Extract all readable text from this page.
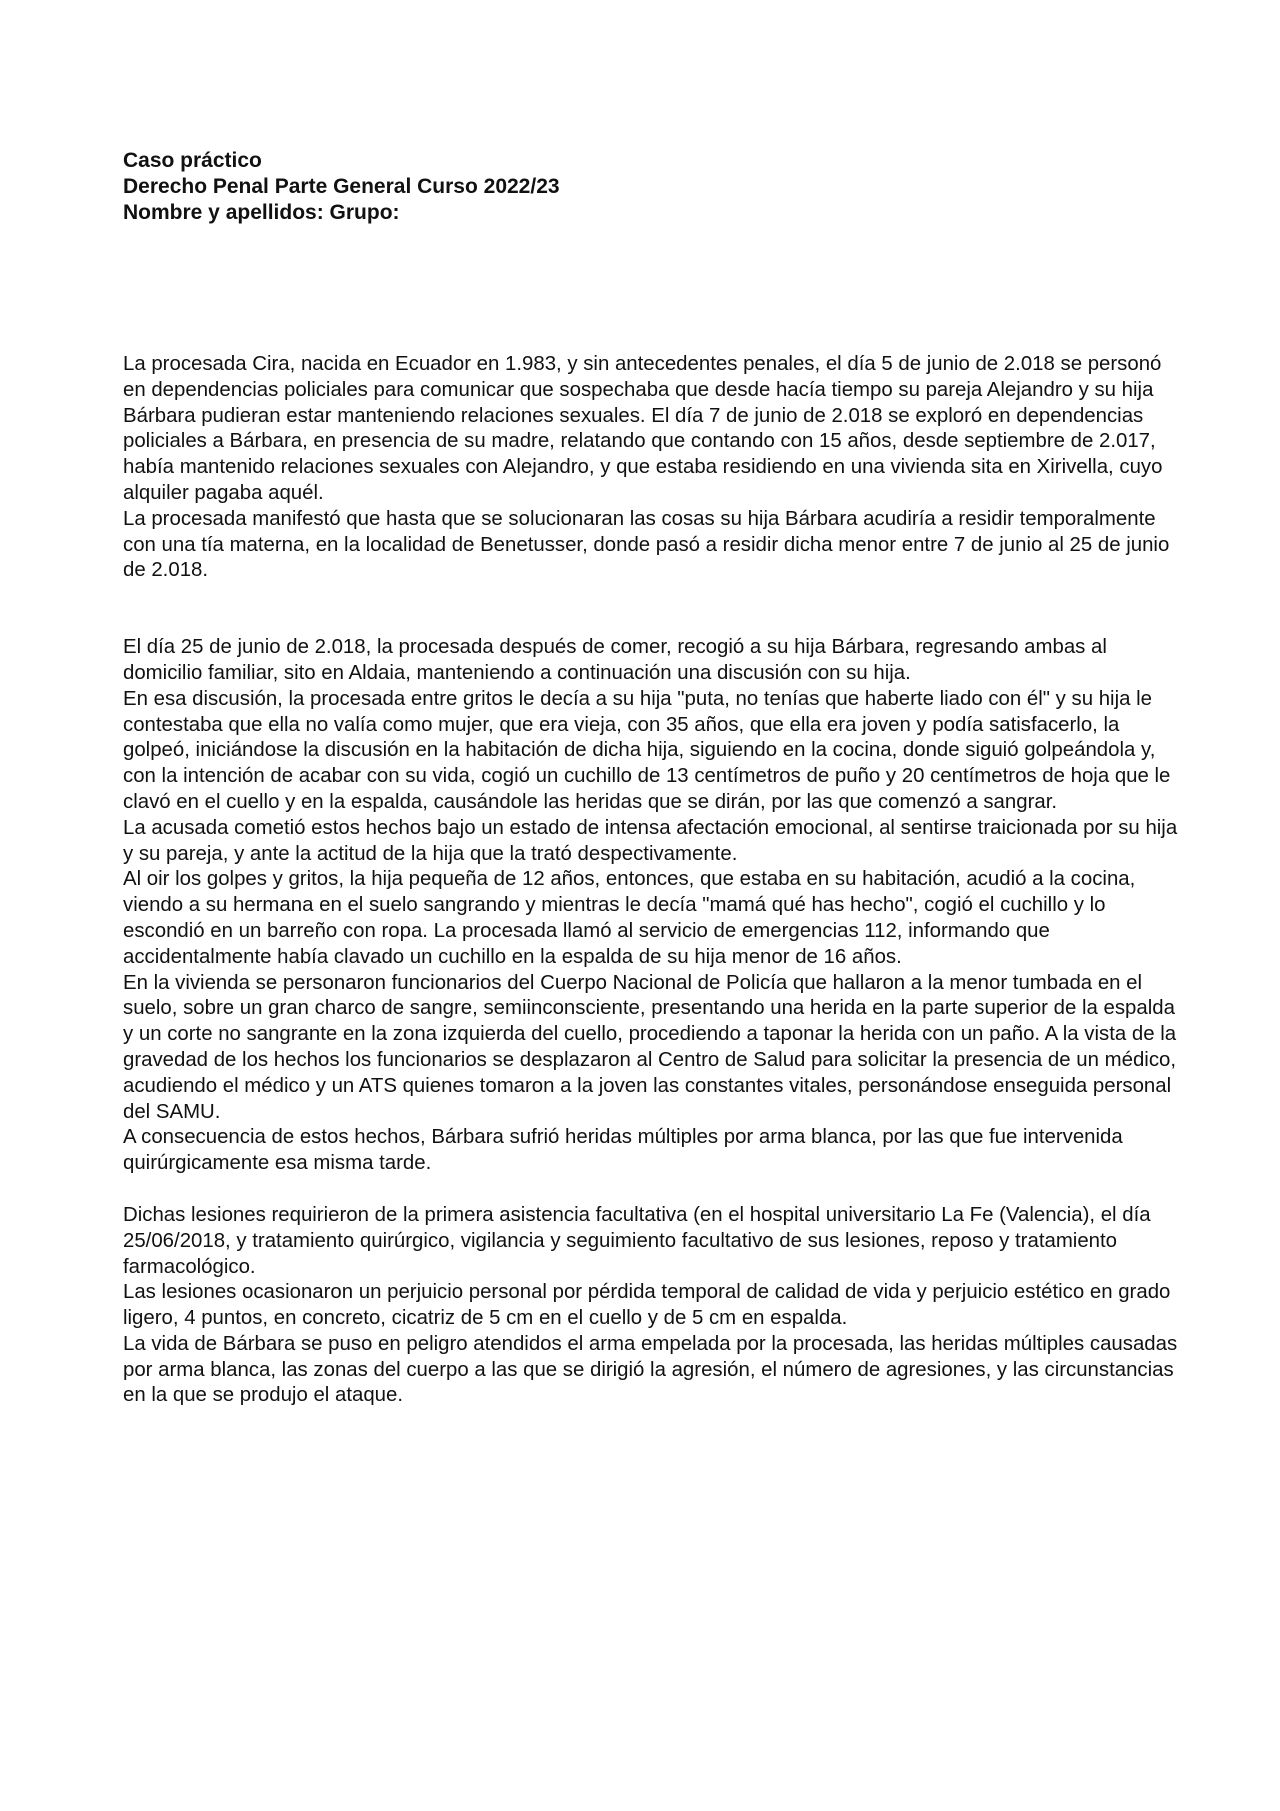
Caso práctico
Derecho Penal Parte General Curso 2022/23
Nombre y apellidos: Grupo:

La procesada Cira, nacida en Ecuador en 1.983, y sin antecedentes penales, el día 5 de junio de 2.018 se personó en dependencias policiales para comunicar que sospechaba que desde hacía tiempo su pareja Alejandro y su hija Bárbara pudieran estar manteniendo relaciones sexuales. El día 7 de junio de 2.018 se exploró en dependencias policiales a Bárbara, en presencia de su madre, relatando que contando con 15 años, desde septiembre de 2.017, había mantenido relaciones sexuales con Alejandro, y que estaba residiendo en una vivienda sita en Xirivella, cuyo alquiler pagaba aquél.

La procesada manifestó que hasta que se solucionaran las cosas su hija Bárbara acudiría a residir temporalmente con una tía materna, en la localidad de Benetusser, donde pasó a residir dicha menor entre 7 de junio al 25 de junio de 2.018.

El día 25 de junio de 2.018, la procesada después de comer, recogió a su hija Bárbara, regresando ambas al domicilio familiar, sito en Aldaia, manteniendo a continuación una discusión con su hija.

En esa discusión, la procesada entre gritos le decía a su hija "puta, no tenías que haberte liado con él" y su hija le contestaba que ella no valía como mujer, que era vieja, con 35 años, que ella era joven y podía satisfacerlo, la golpeó, iniciándose la discusión en la habitación de dicha hija, siguiendo en la cocina, donde siguió golpeándola y, con la intención de acabar con su vida, cogió un cuchillo de 13 centímetros de puño y 20 centímetros de hoja que le clavó en el cuello y en la espalda, causándole las heridas que se dirán, por las que comenzó a sangrar.

La acusada cometió estos hechos bajo un estado de intensa afectación emocional, al sentirse traicionada por su hija y su pareja, y ante la actitud de la hija que la trató despectivamente.

Al oir los golpes y gritos, la hija pequeña de 12 años, entonces, que estaba en su habitación, acudió a la cocina, viendo a su hermana en el suelo sangrando y mientras le decía "mamá qué has hecho", cogió el cuchillo y lo escondió en un barreño con ropa. La procesada llamó al servicio de emergencias 112, informando que accidentalmente había clavado un cuchillo en la espalda de su hija menor de 16 años.

En la vivienda se personaron funcionarios del Cuerpo Nacional de Policía que hallaron a la menor tumbada en el suelo, sobre un gran charco de sangre, semiinconsciente, presentando una herida en la parte superior de la espalda y un corte no sangrante en la zona izquierda del cuello, procediendo a taponar la herida con un paño. A la vista de la gravedad de los hechos los funcionarios se desplazaron al Centro de Salud para solicitar la presencia de un médico, acudiendo el médico y un ATS quienes tomaron a la joven las constantes vitales, personándose enseguida personal del SAMU.

A consecuencia de estos hechos, Bárbara sufrió heridas múltiples por arma blanca, por las que fue intervenida quirúrgicamente esa misma tarde.

Dichas lesiones requirieron de la primera asistencia facultativa (en el hospital universitario La Fe (Valencia), el día 25/06/2018, y tratamiento quirúrgico, vigilancia y seguimiento facultativo de sus lesiones, reposo y tratamiento farmacológico.

Las lesiones ocasionaron un perjuicio personal por pérdida temporal de calidad de vida y perjuicio estético en grado ligero, 4 puntos, en concreto, cicatriz de 5 cm en el cuello y de 5 cm en espalda.

La vida de Bárbara se puso en peligro atendidos el arma empelada por la procesada, las heridas múltiples causadas por arma blanca, las zonas del cuerpo a las que se dirigió la agresión, el número de agresiones, y las circunstancias en la que se produjo el ataque.
